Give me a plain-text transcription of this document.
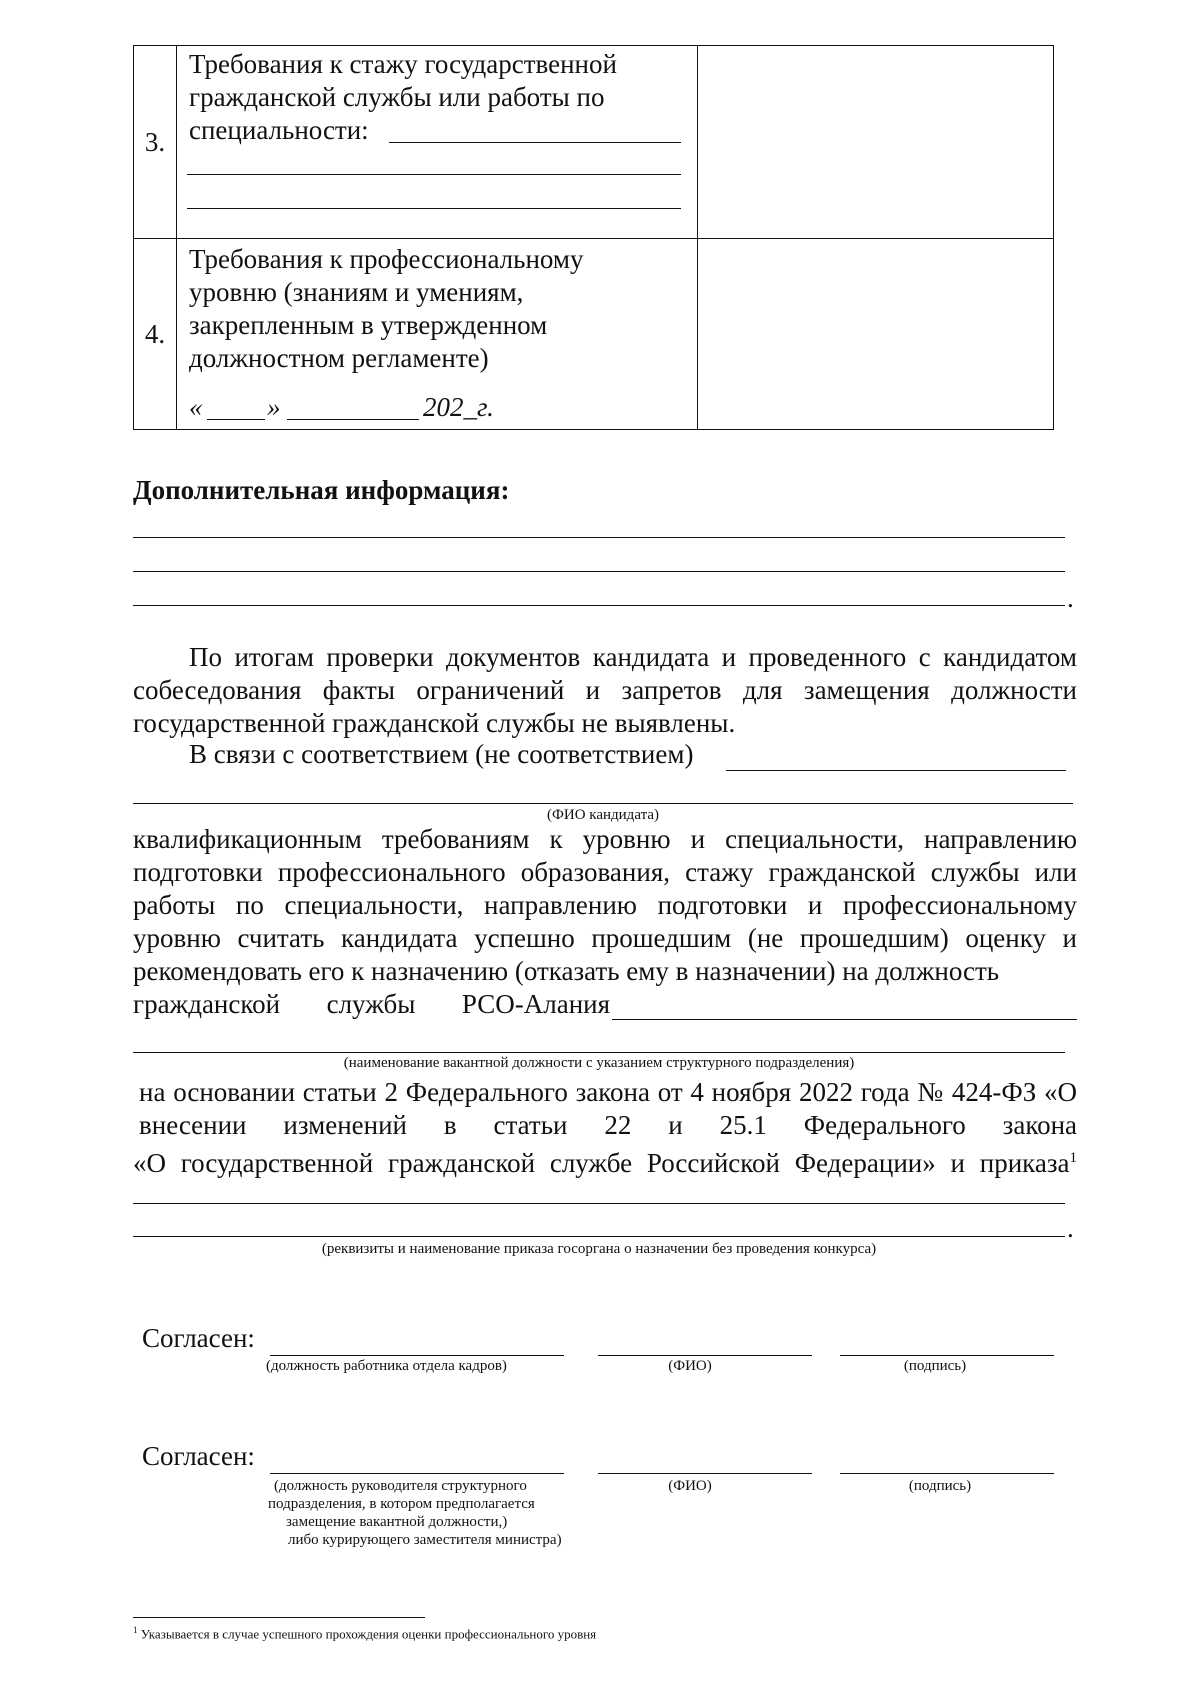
3.	Требования к стажу государственной гражданской службы или работы по специальности:	

4.	Требования к профессиональному уровню (знаниям и умениям, закрепленным в утвержденном должностном регламенте)
« » 202_г.	

Дополнительная информация:
.
По итогам проверки документов кандидата и проведенного с кандидатом собеседования факты ограничений и запретов для замещения должности государственной гражданской службы не выявлены.
В связи с соответствием (не соответствием)
(ФИО кандидата)
квалификационным требованиям к уровню и специальности, направлению подготовки профессионального образования, стажу гражданской службы или работы по специальности, направлению подготовки и профессиональному уровню считать кандидата успешно прошедшим (не прошедшим) оценку и рекомендовать его к назначению (отказать ему в назначении) на должность
гражданской службы РСО-Алания
(наименование вакантной должности с указанием структурного подразделения)
на основании статьи 2 Федерального закона от 4 ноября 2022 года № 424-ФЗ «О внесении изменений в статьи 22 и 25.1 Федерального закона
«О государственной гражданской службе Российской Федерации» и приказа$^1$
.
(реквизиты и наименование приказа госоргана о назначении без проведения конкурса)
Согласен:
(должность работника отдела кадров)	(ФИО)	(подпись)
Согласен:
(должность руководителя структурного
подразделения, в котором предполагается
замещение вакантной должности,)
либо курирующего заместителя министра)
(ФИО)	(подпись)
$^1$ Указывается в случае успешного прохождения оценки профессионального уровня
